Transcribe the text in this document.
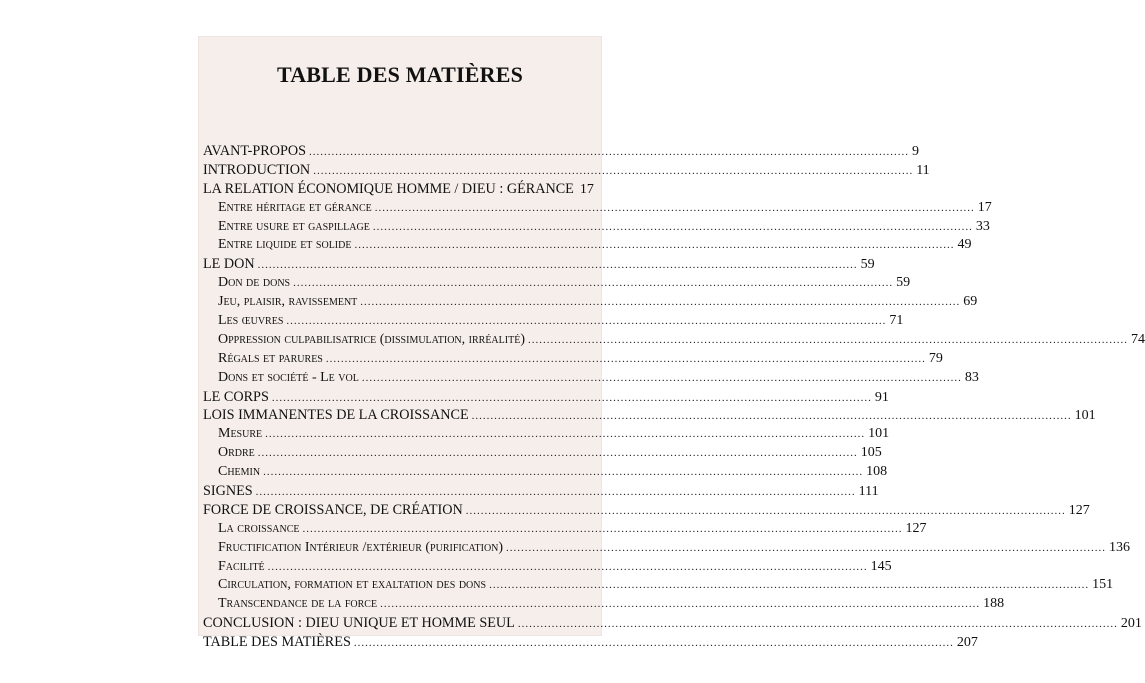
TABLE DES MATIÈRES
AVANT-PROPOS .....	9
INTRODUCTION .....	11
LA RELATION ÉCONOMIQUE HOMME / DIEU : GÉRANCE 17
Entre héritage et gérance .....	17
Entre usure et gaspillage .....	33
Entre liquide et solide .....	49
LE DON .....	59
Don de dons .....	59
Jeu, plaisir, ravissement .....	69
Les œuvres .....	71
Oppression culpabilisatrice (dissimulation, irréalité) .....	74
Régals et parures .....	79
Dons et société - Le vol .....	83
LE CORPS .....	91
LOIS IMMANENTES DE LA CROISSANCE .....	101
Mesure .....	101
Ordre .....	105
Chemin .....	108
SIGNES .....	111
FORCE DE CROISSANCE, DE CRÉATION .....	127
La croissance .....	127
Fructification Intérieur /extérieur (purification) .....	136
Facilité .....	145
Circulation, formation et exaltation des dons .....	151
Transcendance de la force .....	188
CONCLUSION : DIEU UNIQUE ET HOMME SEUL .....	201
TABLE DES MATIÈRES .....	207
